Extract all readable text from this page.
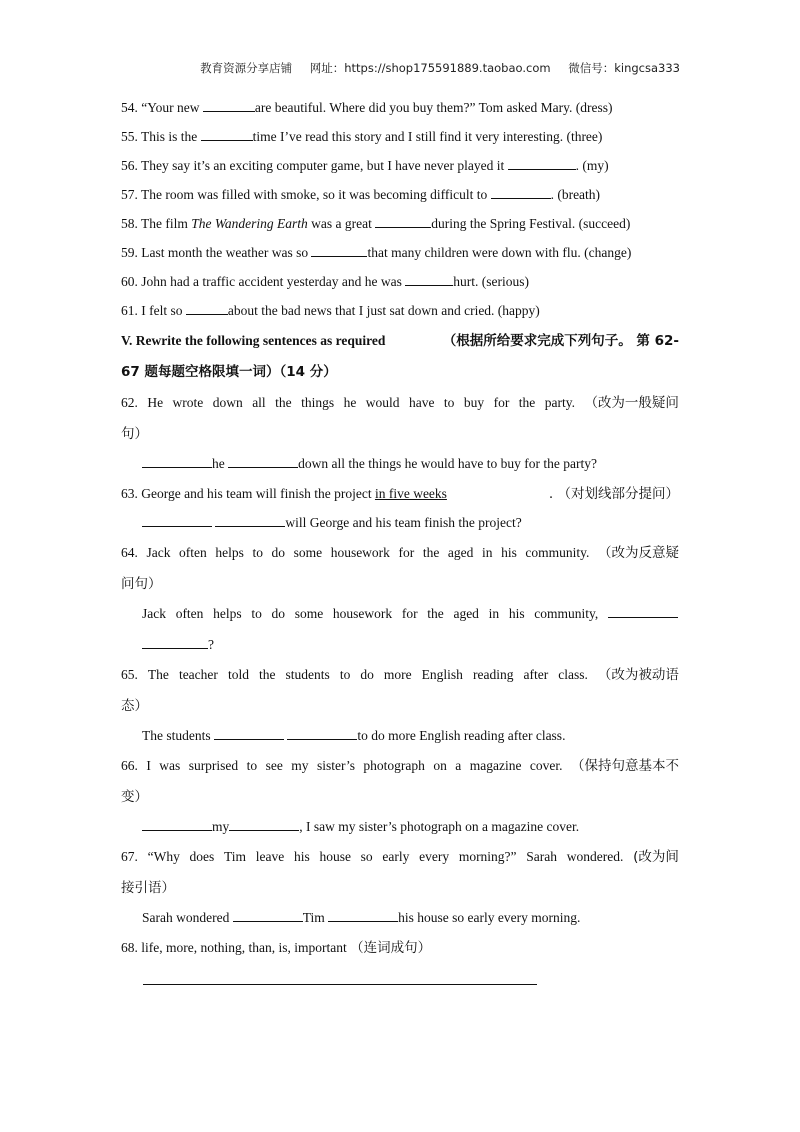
教育资源分享店铺 网址：https://shop175591889.taobao.com 微信号：kingcsa333
54. “Your new	are beautiful. Where did you buy them?” Tom asked Mary. (dress)
55. This is the	time I’ve read this story and I still find it very interesting. (three)
56. They say it’s an exciting computer game, but I have never played it	. (my)
57. The room was filled with smoke, so it was becoming difficult to	. (breath)
58. The film The Wandering Earth was a great	during the Spring Festival. (succeed)
59. Last month the weather was so	that many children were down with flu. (change)
60. John had a traffic accident yesterday and he was	hurt. (serious)
61. I felt so	about the bad news that I just sat down and cried. (happy)
V. Rewrite the following sentences as required	（根据所给要求完成下列句子。 第 62-
67 题每题空格限填一词）（14 分）
62. He wrote down all the things he would have to buy for the party. （改为一般疑问
句）
he	down all the things he would have to buy for the party?
63. George and his team will finish the project in five weeks	. （对划线部分提问）
will George and his team finish the project?
64. Jack often helps to do some housework for the aged in his community. （改为反意疑
问句）
Jack often helps to do some housework for the aged in his community,
?
65. The teacher told the students to do more English reading after class. （改为被动语
态）
The students	to do more English reading after class.
66. I was surprised to see my sister’s photograph on a magazine cover. （保持句意基本不
变）
my	, I saw my sister’s photograph on a magazine cover.
67. “Why does Tim leave his house so early every morning?” Sarah wondered. (改为间
接引语）
Sarah wondered	Tim	his house so early every morning.
68. life, more, nothing, than, is, important （连词成句）
